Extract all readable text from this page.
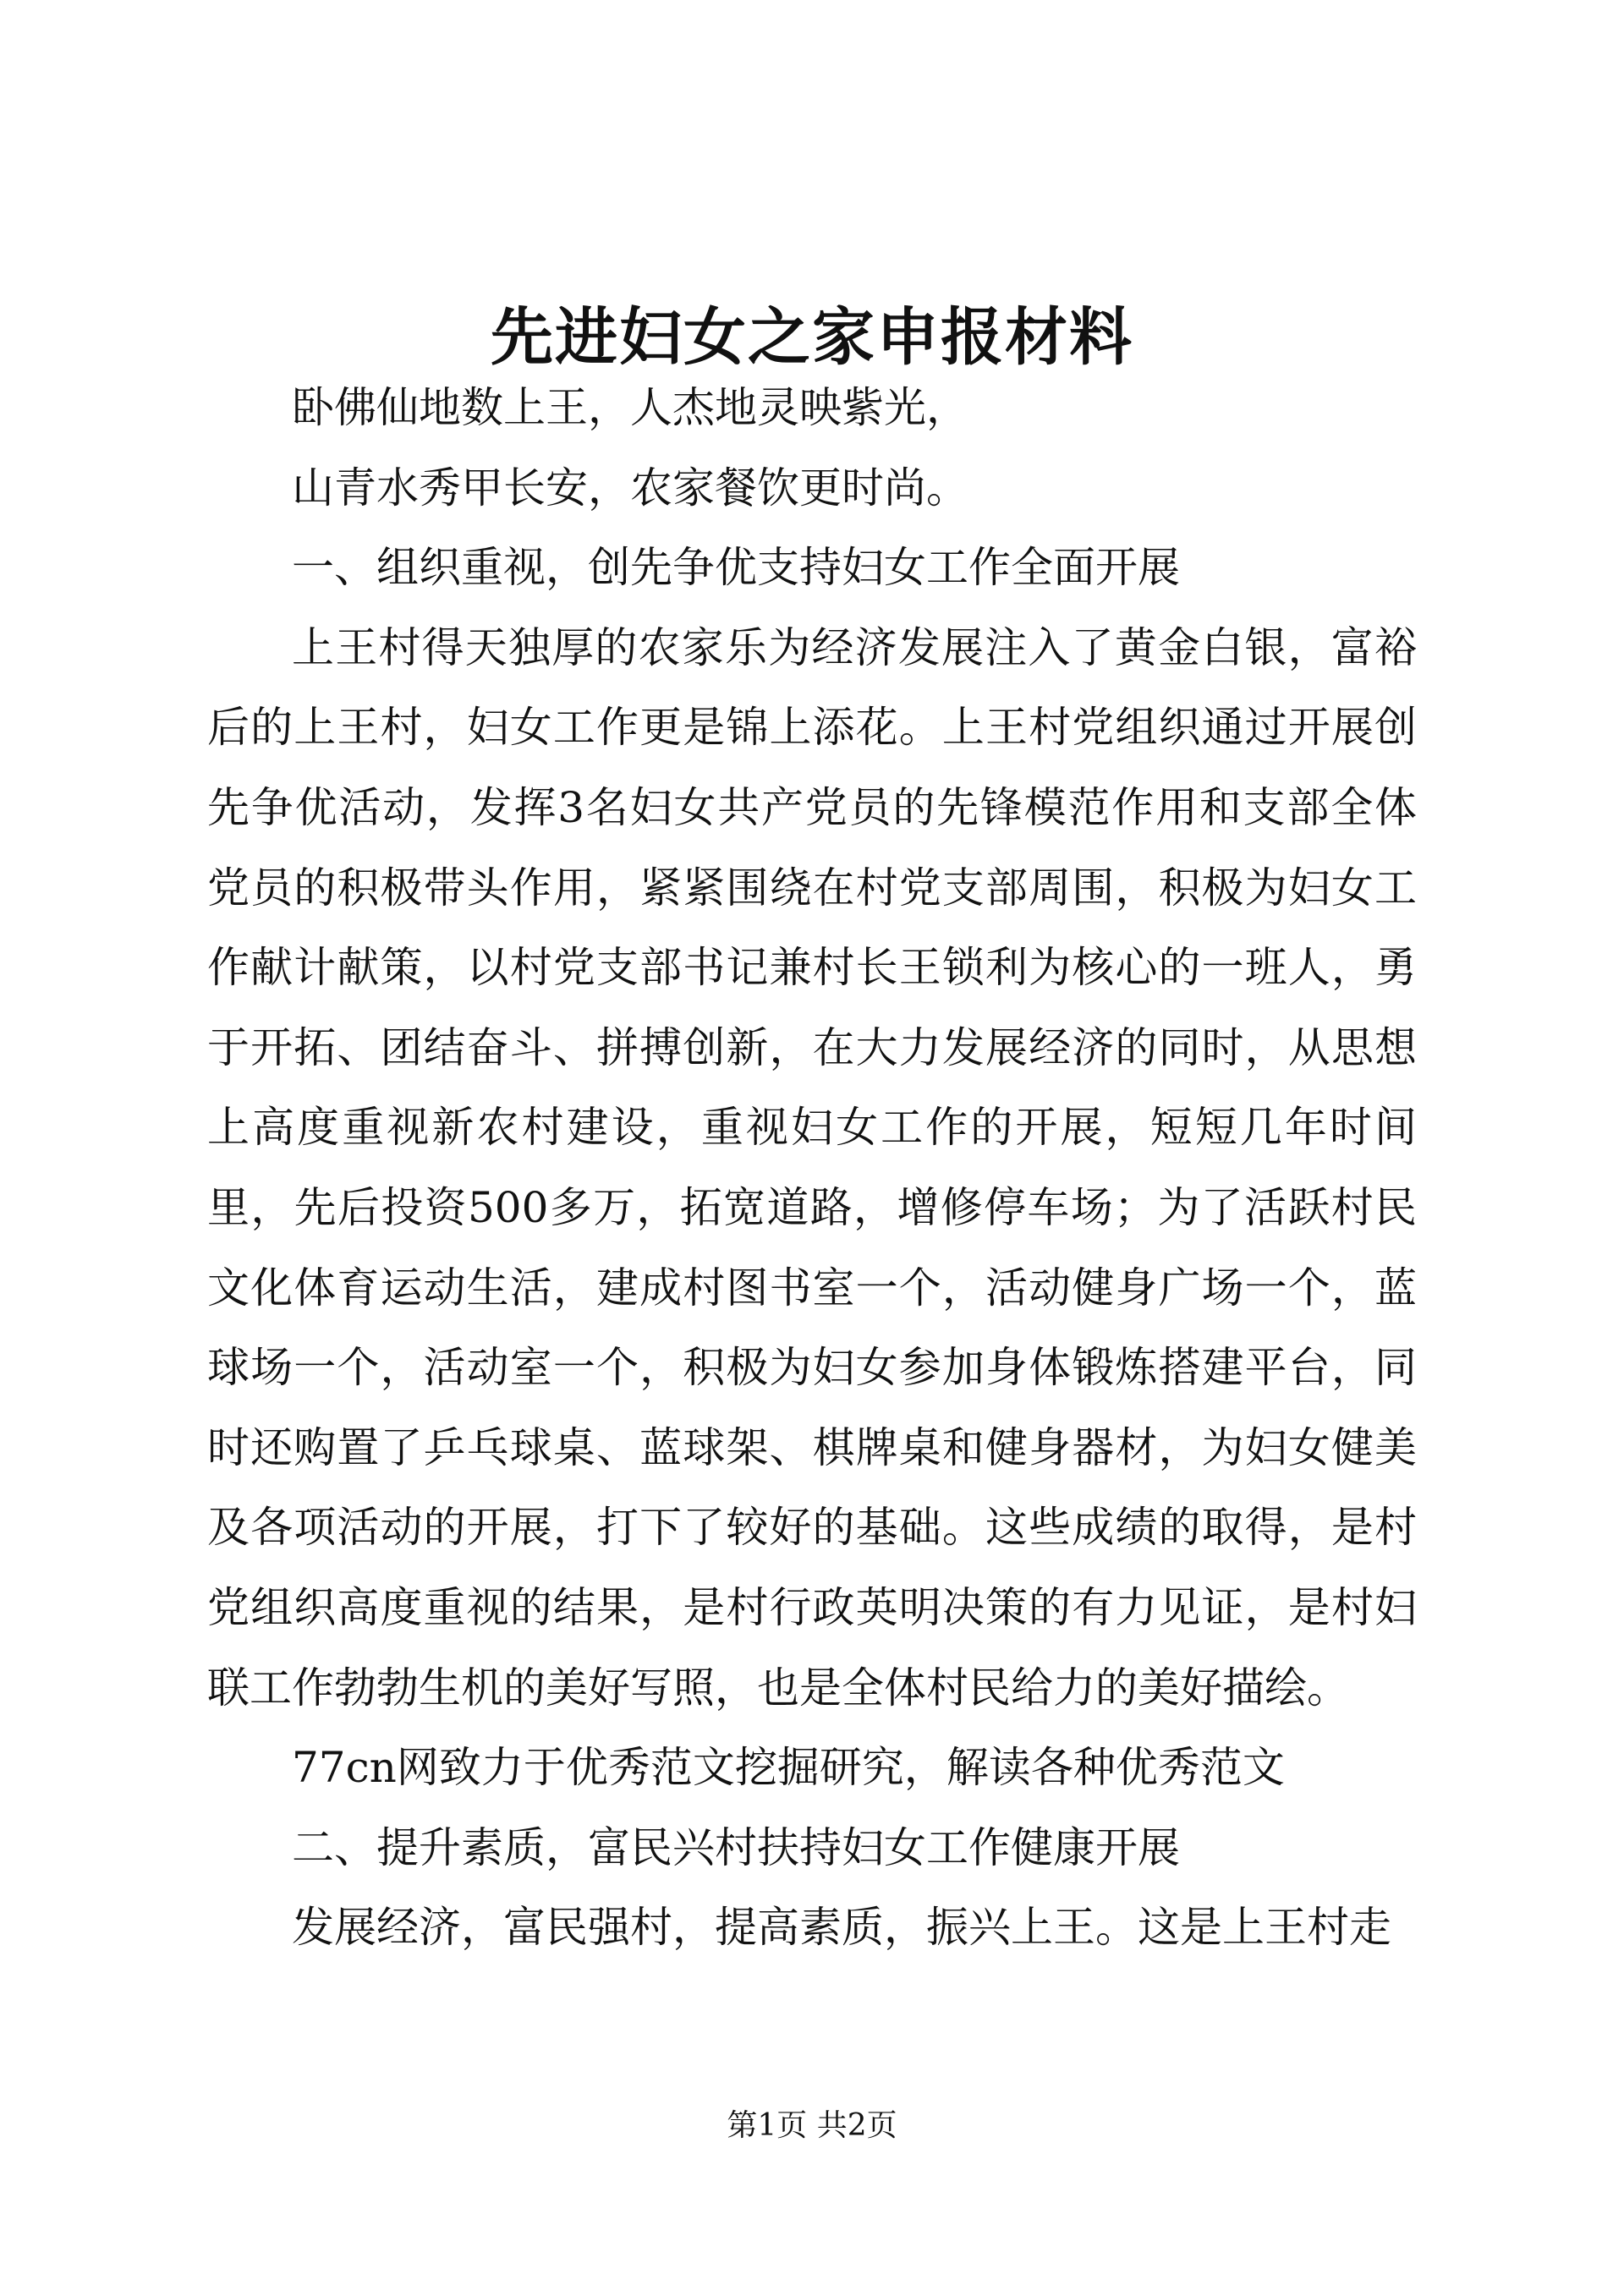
先进妇女之家申报材料

卧佛仙地数上王，人杰地灵映紫光，

山青水秀甲长安，农家餐饮更时尚。

一、组织重视，创先争优支持妇女工作全面开展

上王村得天独厚的农家乐为经济发展注入了黄金白银，富裕后的上王村，妇女工作更是锦上添花。上王村党组织通过开展创先争优活动，发挥3名妇女共产党员的先锋模范作用和支部全体党员的积极带头作用，紧紧围绕在村党支部周围，积极为妇女工作献计献策，以村党支部书记兼村长王锁利为核心的一班人，勇于开拓、团结奋斗、拼搏创新，在大力发展经济的同时，从思想上高度重视新农村建设，重视妇女工作的开展，短短几年时间里，先后投资500多万，拓宽道路，增修停车场；为了活跃村民文化体育运动生活，建成村图书室一个，活动健身广场一个，蓝球场一个，活动室一个，积极为妇女参加身体锻炼搭建平台，同时还购置了乒乓球桌、蓝球架、棋牌桌和健身器材，为妇女健美及各项活动的开展，打下了较好的基础。这些成绩的取得，是村党组织高度重视的结果，是村行政英明决策的有力见证，是村妇联工作勃勃生机的美好写照，也是全体村民给力的美好描绘。

77cn网致力于优秀范文挖掘研究，解读各种优秀范文

二、提升素质，富民兴村扶持妇女工作健康开展

发展经济，富民强村，提高素质，振兴上王。这是上王村走

第1页 共2页
